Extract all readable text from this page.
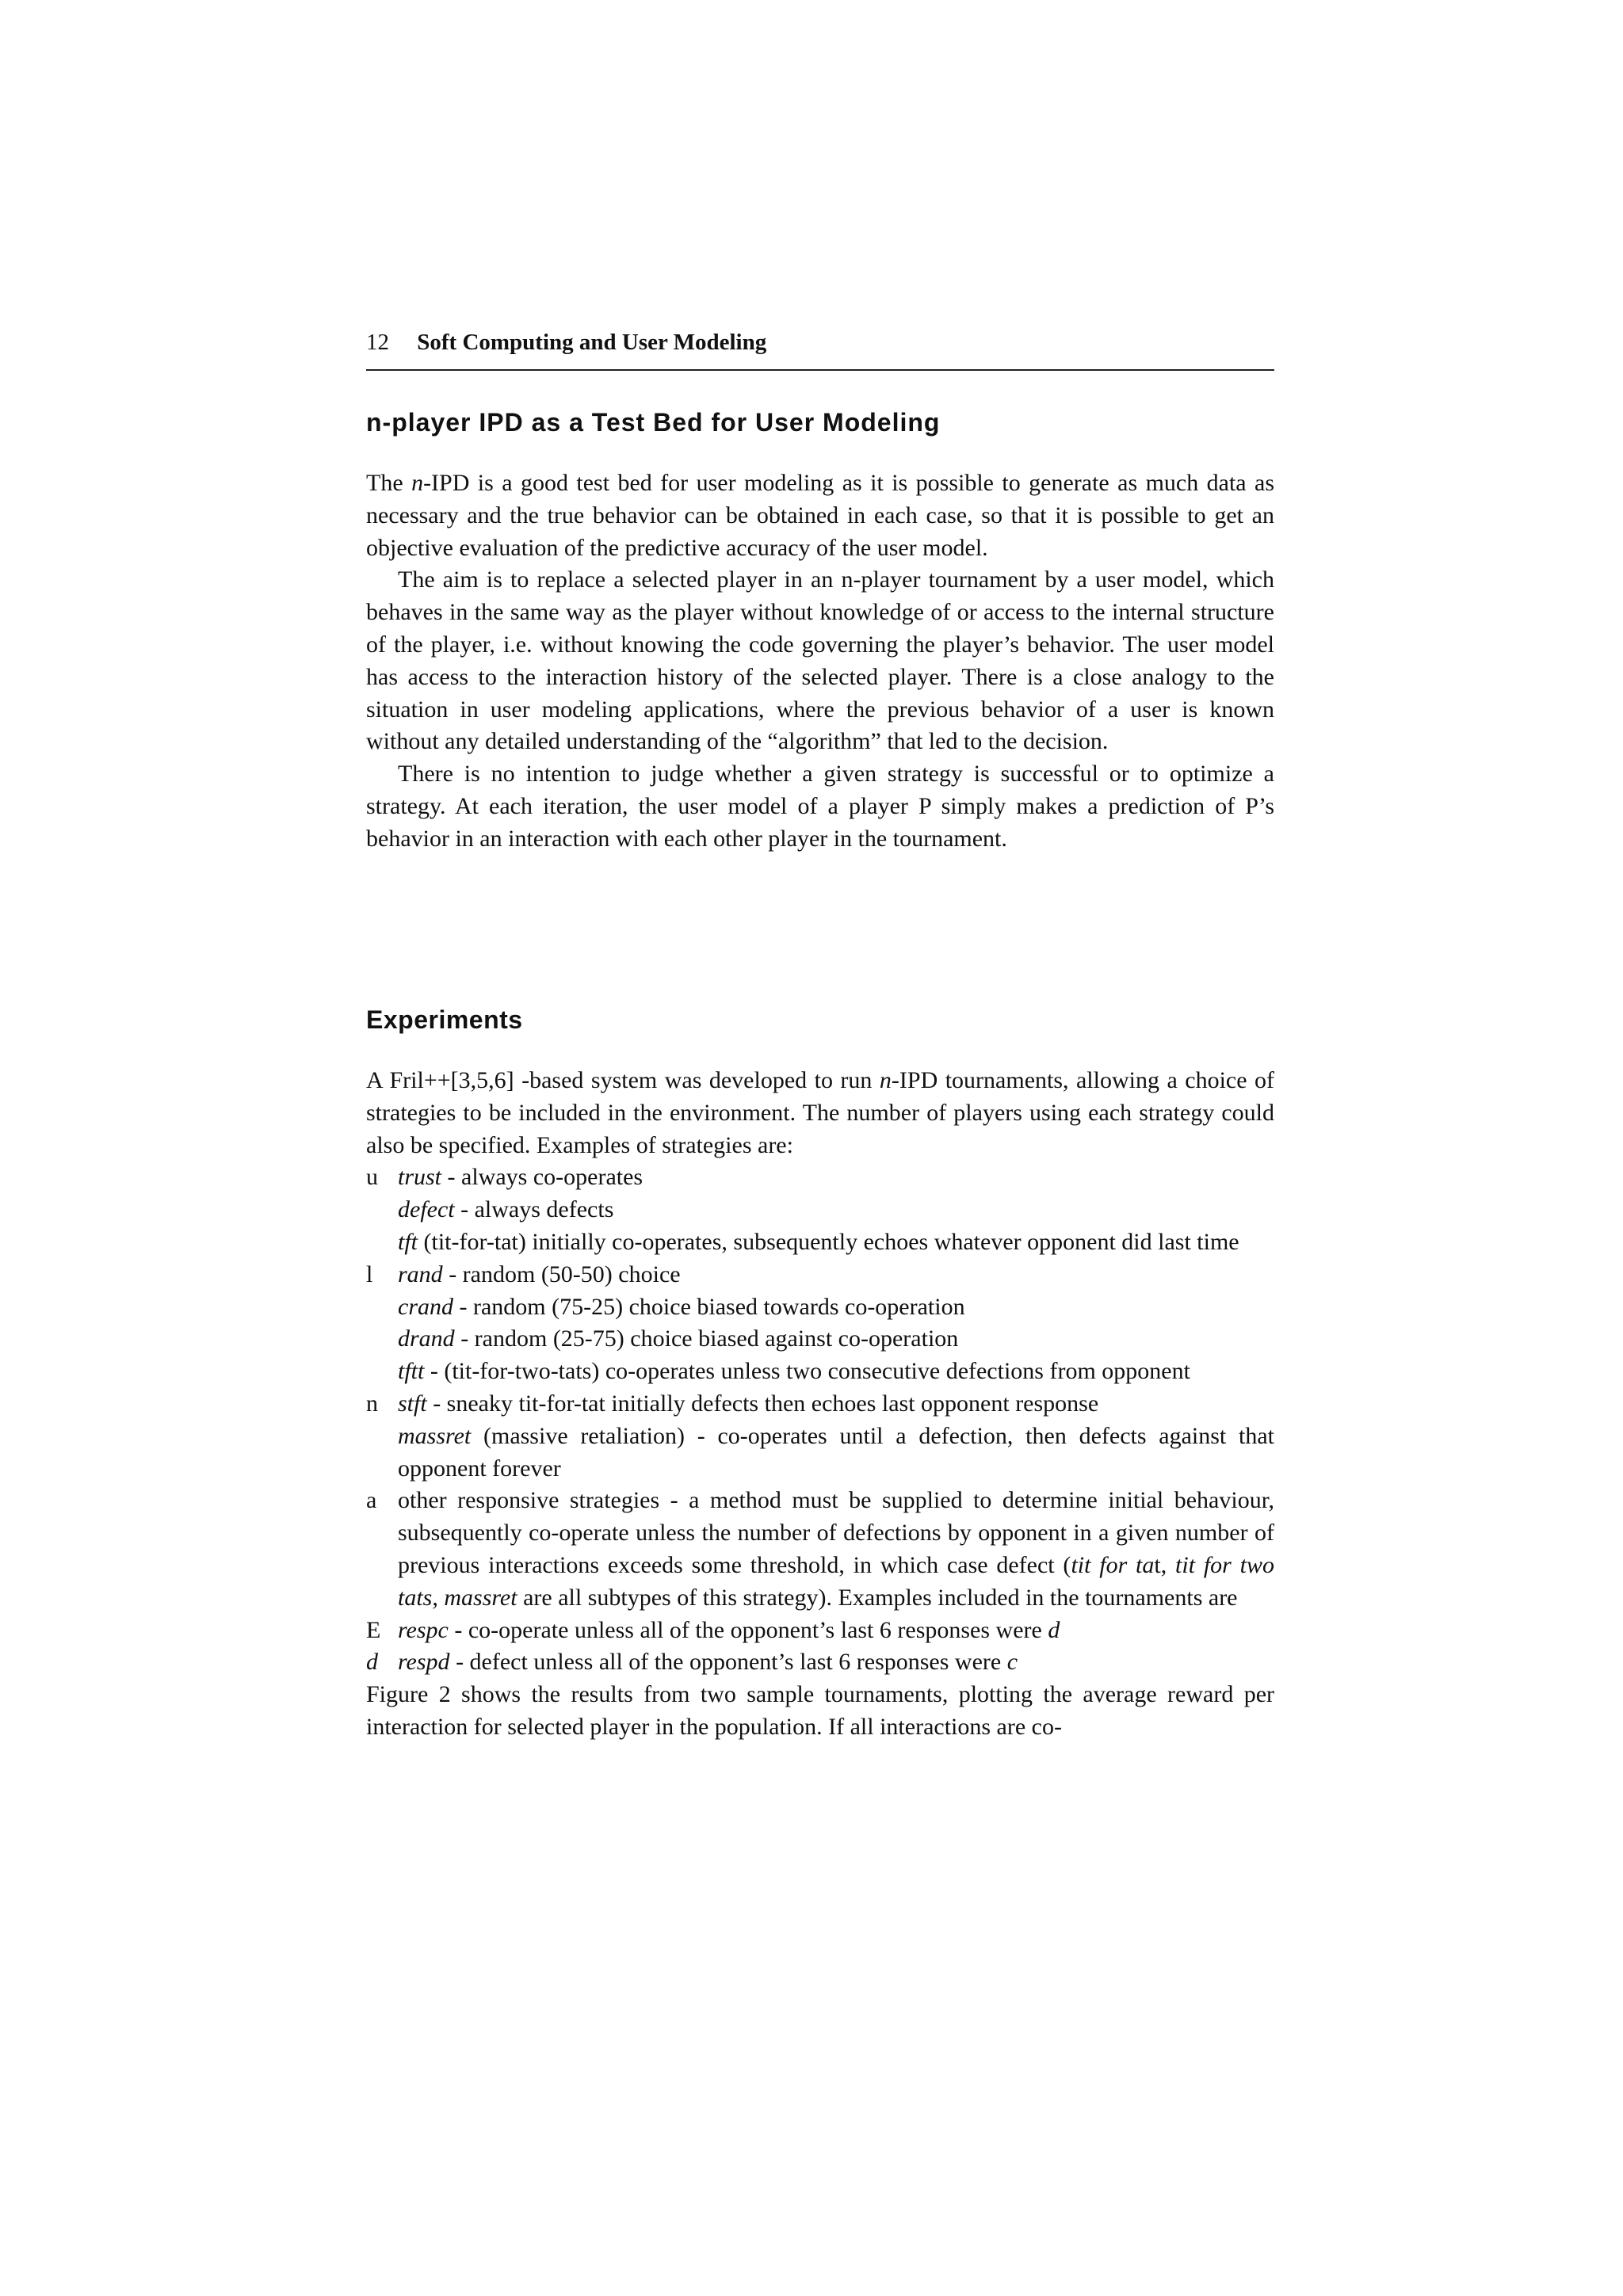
12 Soft Computing and User Modeling
n-player IPD as a Test Bed for User Modeling

The n-IPD is a good test bed for user modeling as it is possible to generate as much data as necessary and the true behavior can be obtained in each case, so that it is possible to get an objective evaluation of the predictive accuracy of the user model.

The aim is to replace a selected player in an n-player tournament by a user model, which behaves in the same way as the player without knowledge of or access to the internal structure of the player, i.e. without knowing the code governing the player’s behavior. The user model has access to the interaction history of the selected player. There is a close analogy to the situation in user modeling applications, where the previous behavior of a user is known without any detailed understanding of the “algorithm” that led to the decision.

There is no intention to judge whether a given strategy is successful or to optimize a strategy. At each iteration, the user model of a player P simply makes a prediction of P’s behavior in an interaction with each other player in the tournament.

Experiments

A Fril++[3,5,6] -based system was developed to run n-IPD tournaments, allowing a choice of strategies to be included in the environment. The number of players using each strategy could also be specified. Examples of strategies are:

u trust - always co-operates
defect - always defects
tft (tit-for-tat) initially co-operates, subsequently echoes whatever opponent did last time
l	rand - random (50-50) choice
crand - random (75-25) choice biased towards co-operation
drand - random (25-75) choice biased against co-operation
tftt - (tit-for-two-tats) co-operates unless two consecutive defections from opponent
n stft - sneaky tit-for-tat initially defects then echoes last opponent response
massret (massive retaliation) - co-operates until a defection, then defects against that opponent forever
a other responsive strategies - a method must be supplied to determine initial behaviour, subsequently co-operate unless the number of defections by opponent in a given number of previous interactions exceeds some threshold, in which case defect (tit for tat, tit for two tats, massret are all subtypes of this strategy). Examples included in the tournaments are
E respc - co-operate unless all of the opponent’s last 6 responses were d
d respd - defect unless all of the opponent’s last 6 responses were c

Figure 2 shows the results from two sample tournaments, plotting the average reward per interaction for selected player in the population. If all interactions are co-
